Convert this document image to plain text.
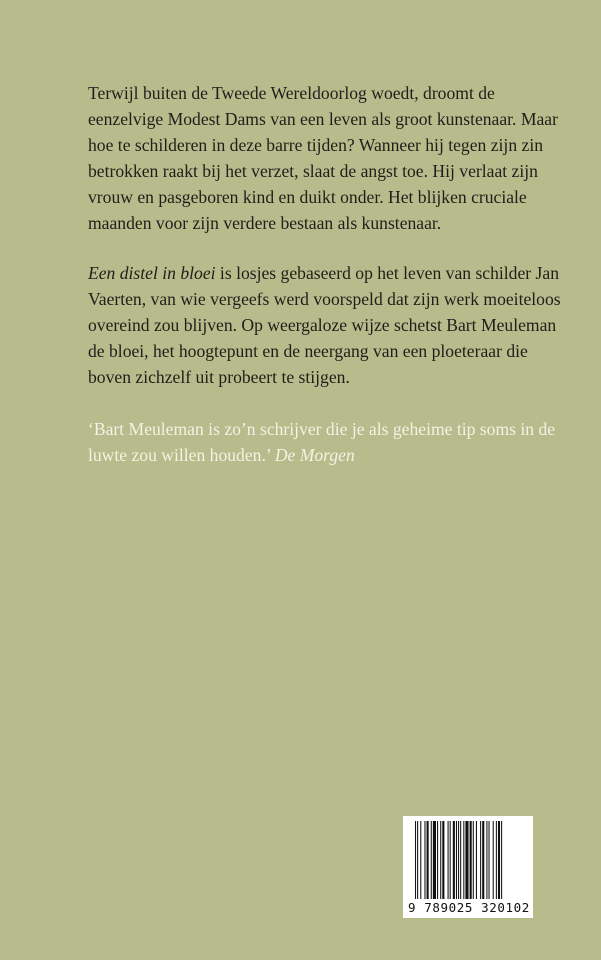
Terwijl buiten de Tweede Wereldoorlog woedt, droomt de eenzelvige Modest Dams van een leven als groot kunstenaar. Maar hoe te schilderen in deze barre tijden? Wanneer hij tegen zijn zin betrokken raakt bij het verzet, slaat de angst toe. Hij verlaat zijn vrouw en pasgeboren kind en duikt onder. Het blijken cruciale maanden voor zijn verdere bestaan als kunstenaar.

Een distel in bloei is losjes gebaseerd op het leven van schilder Jan Vaerten, van wie vergeefs werd voorspeld dat zijn werk moeiteloos overeind zou blijven. Op weergaloze wijze schetst Bart Meuleman de bloei, het hoogtepunt en de neergang van een ploeteraar die boven zichzelf uit probeert te stijgen.

‘Bart Meuleman is zo’n schrijver die je als geheime tip soms in de luwte zou willen houden.’ De Morgen

9 789025 320102
